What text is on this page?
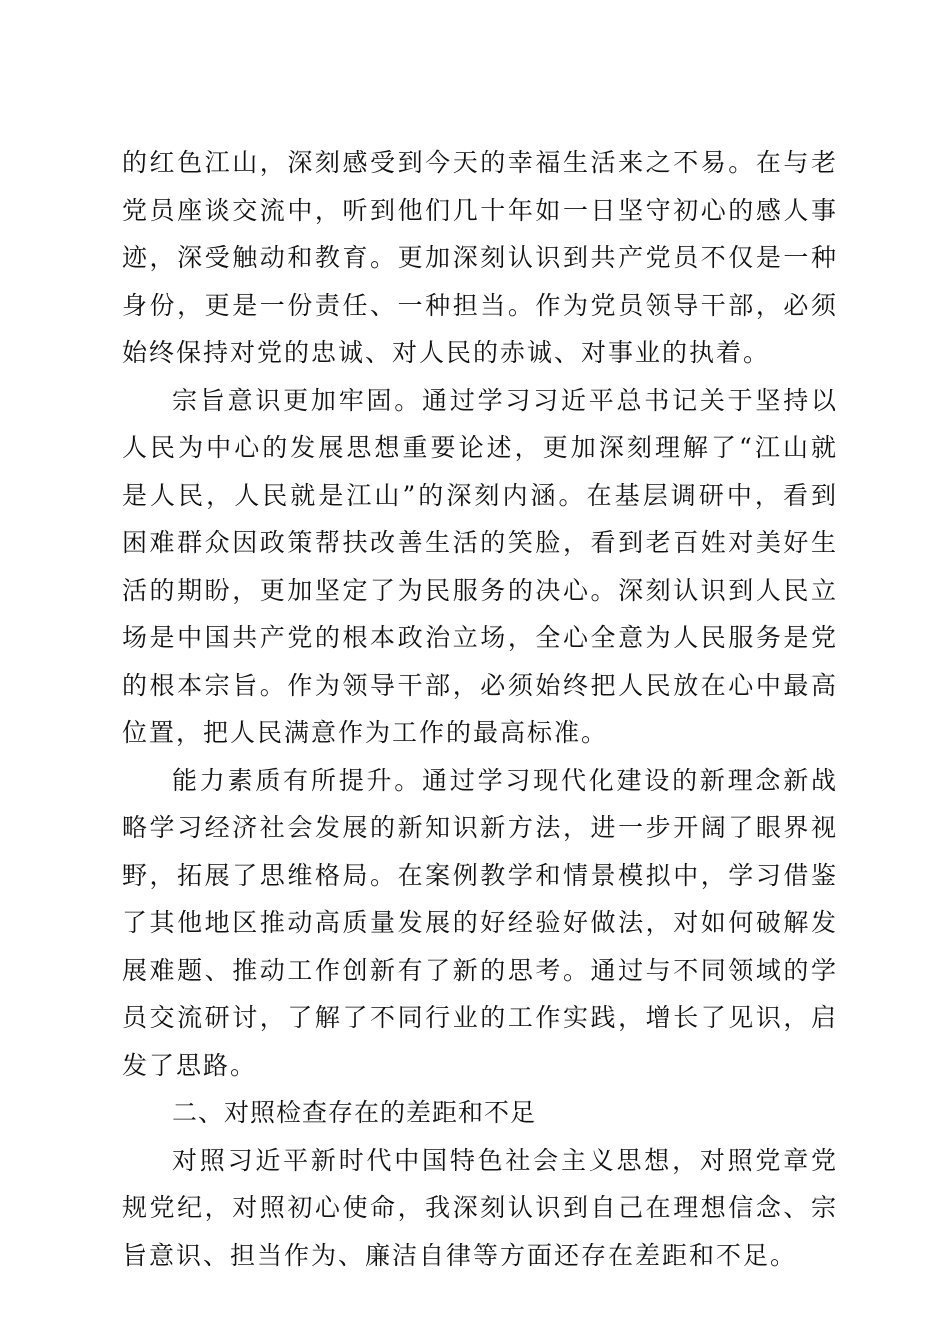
的红色江山，深刻感受到今天的幸福生活来之不易。在与老党员座谈交流中，听到他们几十年如一日坚守初心的感人事迹，深受触动和教育。更加深刻认识到共产党员不仅是一种身份，更是一份责任、一种担当。作为党员领导干部，必须始终保持对党的忠诚、对人民的赤诚、对事业的执着。

宗旨意识更加牢固。通过学习习近平总书记关于坚持以人民为中心的发展思想重要论述，更加深刻理解了“江山就是人民，人民就是江山”的深刻内涵。在基层调研中，看到困难群众因政策帮扶改善生活的笑脸，看到老百姓对美好生活的期盼，更加坚定了为民服务的决心。深刻认识到人民立场是中国共产党的根本政治立场，全心全意为人民服务是党的根本宗旨。作为领导干部，必须始终把人民放在心中最高位置，把人民满意作为工作的最高标准。

能力素质有所提升。通过学习现代化建设的新理念新战略学习经济社会发展的新知识新方法，进一步开阔了眼界视野，拓展了思维格局。在案例教学和情景模拟中，学习借鉴了其他地区推动高质量发展的好经验好做法，对如何破解发展难题、推动工作创新有了新的思考。通过与不同领域的学员交流研讨，了解了不同行业的工作实践，增长了见识，启发了思路。

二、对照检查存在的差距和不足

对照习近平新时代中国特色社会主义思想，对照党章党规党纪，对照初心使命，我深刻认识到自己在理想信念、宗旨意识、担当作为、廉洁自律等方面还存在差距和不足。
